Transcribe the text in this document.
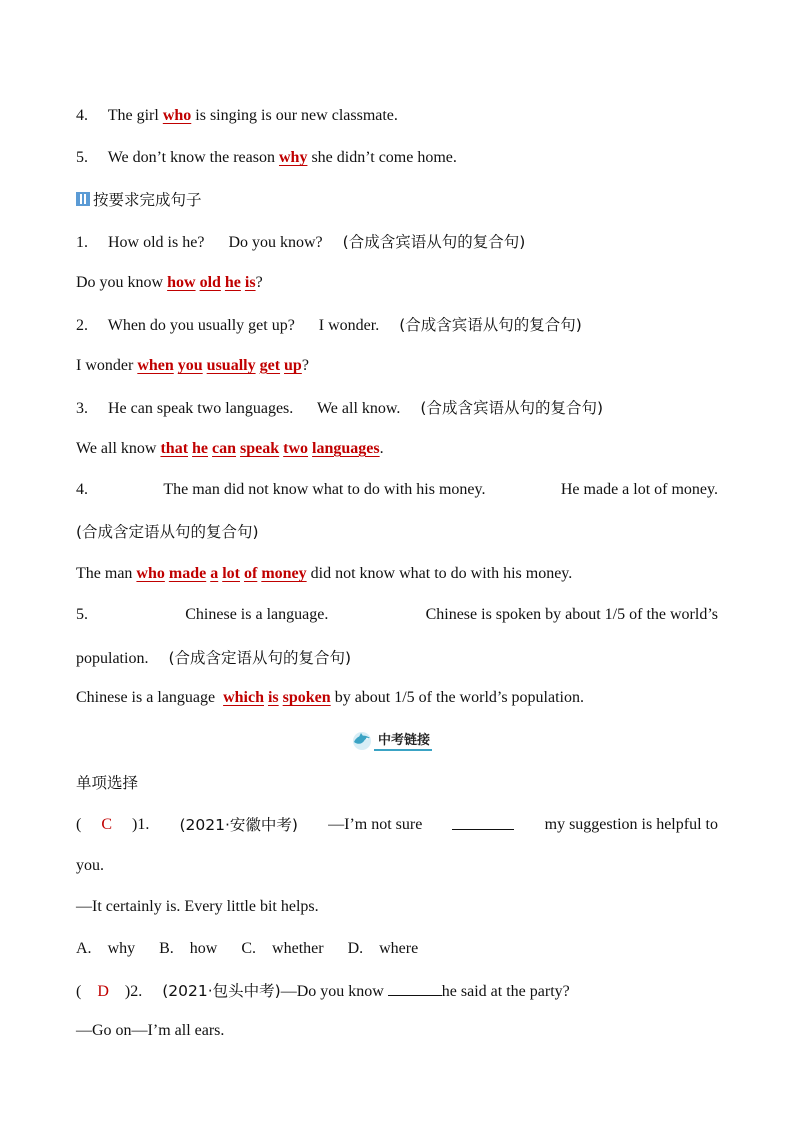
4. The girl who is singing is our new classmate.
5. We don’t know the reason why she didn’t come home.
按要求完成句子
1. How old is he? Do you know? (合成含宾语从句的复合句)
Do you know how old he is?
2. When do you usually get up? I wonder. (合成含宾语从句的复合句)
I wonder when you usually get up?
3. He can speak two languages. We all know. (合成含宾语从句的复合句)
We all know that he can speak two languages.
4.	The man did not know what to do with his money.	He made a lot of money.
(合成含定语从句的复合句)
The man who made a lot of money did not know what to do with his money.
5.	Chinese is a language.	Chinese is spoken by about 1/5 of the world’s
population. (合成含定语从句的复合句)
Chinese is a language which is spoken by about 1/5 of the world’s population.
中考链接
单项选择
( C )1. (2021·安徽中考) —I’m not sure	my suggestion is helpful to
you.
—It certainly is. Every little bit helps.
A. why B. how C. whether D. where
( D )2. (2021·包头中考)—Do you know	he said at the party?
—Go on—I’m all ears.
